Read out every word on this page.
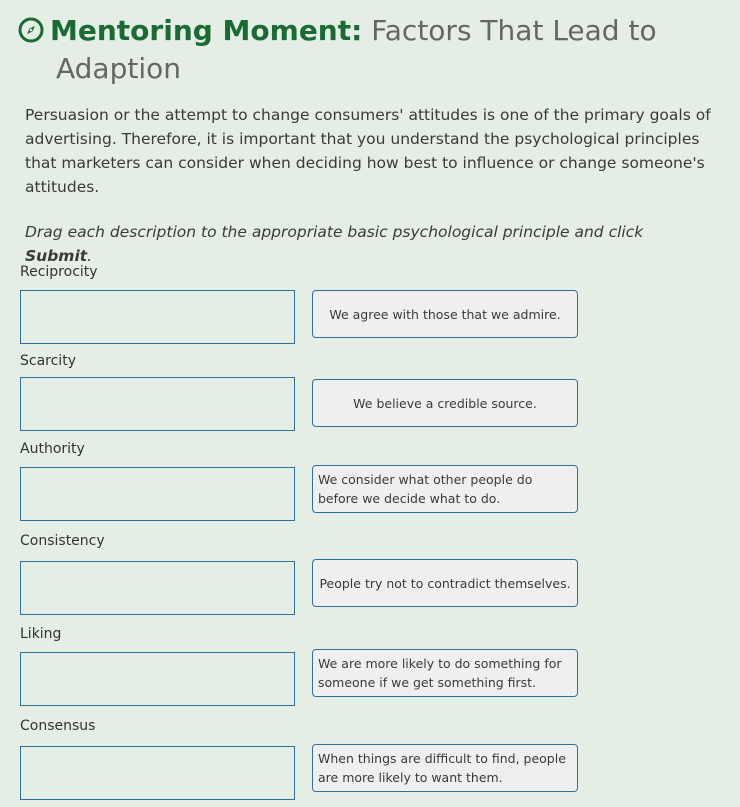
Mentoring Moment: Factors That Lead to
Adaption

Persuasion or the attempt to change consumers' attitudes is one of the primary goals of advertising. Therefore, it is important that you understand the psychological principles that marketers can consider when deciding how best to influence or change someone's attitudes.

Drag each description to the appropriate basic psychological principle and click Submit.

Reciprocity
Scarcity
Authority
Consistency
Liking
Consensus
We agree with those that we admire.
We believe a credible source.
We consider what other people do before we decide what to do.
People try not to contradict themselves.
We are more likely to do something for someone if we get something first.
When things are difficult to find, people are more likely to want them.
